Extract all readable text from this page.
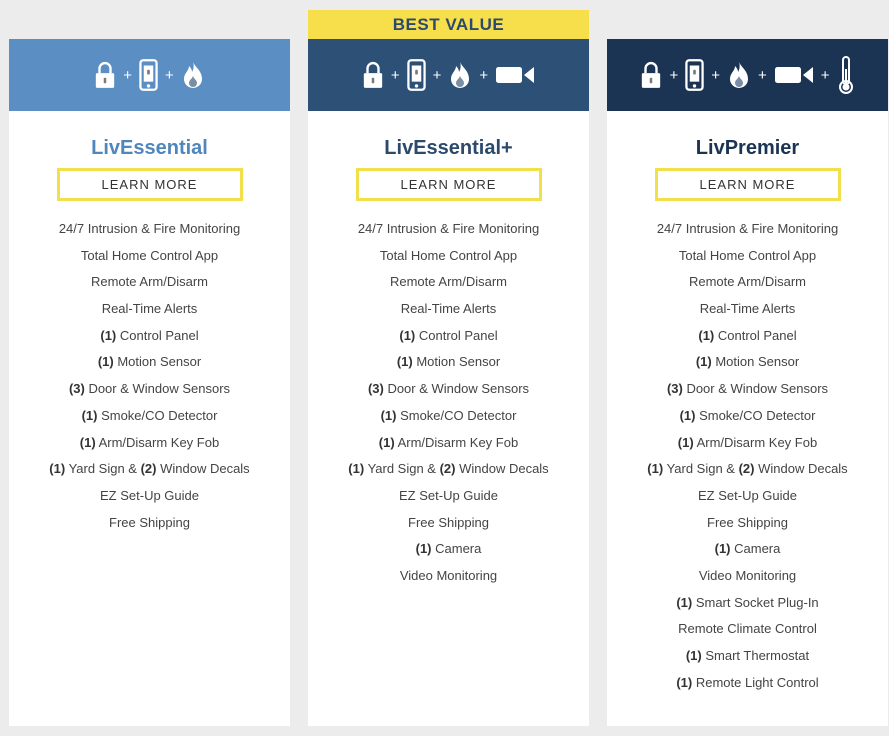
BEST VALUE
+ +
LivEssential
LEARN MORE
24/7 Intrusion & Fire Monitoring
Total Home Control App
Remote Arm/Disarm
Real-Time Alerts
(1) Control Panel
(1) Motion Sensor
(3) Door & Window Sensors
(1) Smoke/CO Detector
(1) Arm/Disarm Key Fob
(1) Yard Sign & (2) Window Decals
EZ Set-Up Guide
Free Shipping
+ +	+
LivEssential+
LEARN MORE
24/7 Intrusion & Fire Monitoring
Total Home Control App
Remote Arm/Disarm
Real-Time Alerts
(1) Control Panel
(1) Motion Sensor
(3) Door & Window Sensors
(1) Smoke/CO Detector
(1) Arm/Disarm Key Fob
(1) Yard Sign & (2) Window Decals
EZ Set-Up Guide
Free Shipping
(1) Camera
Video Monitoring
+ +	+	+
LivPremier
LEARN MORE
24/7 Intrusion & Fire Monitoring
Total Home Control App
Remote Arm/Disarm
Real-Time Alerts
(1) Control Panel
(1) Motion Sensor
(3) Door & Window Sensors
(1) Smoke/CO Detector
(1) Arm/Disarm Key Fob
(1) Yard Sign & (2) Window Decals
EZ Set-Up Guide
Free Shipping
(1) Camera
Video Monitoring
(1) Smart Socket Plug-In
Remote Climate Control
(1) Smart Thermostat
(1) Remote Light Control
